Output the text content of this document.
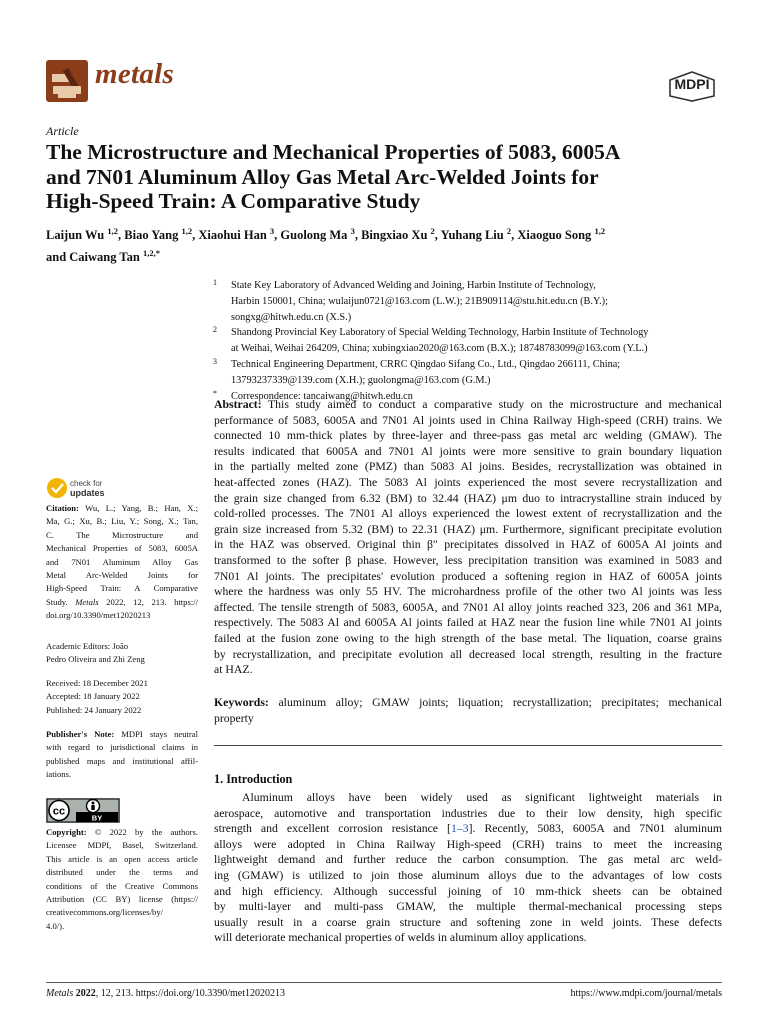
metals	MDPI
Article
The Microstructure and Mechanical Properties of 5083, 6005A
and 7N01 Aluminum Alloy Gas Metal Arc-Welded Joints for
High-Speed Train: A Comparative Study
Laijun Wu $^{1,2}$, Biao Yang $^{1,2}$, Xiaohui Han $^3$, Guolong Ma $^3$, Bingxiao Xu $^2$, Yuhang Liu $^2$, Xiaoguo Song $^{1,2}$
and Caiwang Tan $^{1,2,*}$
1 State Key Laboratory of Advanced Welding and Joining, Harbin Institute of Technology,
Harbin 150001, China; wulaijun0721@163.com (L.W.); 21B909114@stu.hit.edu.cn (B.Y.);
songxg@hitwh.edu.cn (X.S.)
2 Shandong Provincial Key Laboratory of Special Welding Technology, Harbin Institute of Technology
at Weihai, Weihai 264209, China; xubingxiao2020@163.com (B.X.); 18748783099@163.com (Y.L.)
3 Technical Engineering Department, CRRC Qingdao Sifang Co., Ltd., Qingdao 266111, China;
13793237339@139.com (X.H.); guolongma@163.com (G.M.)
* Correspondence: tancaiwang@hitwh.edu.cn
check for
updates
Citation: Wu, L.; Yang, B.; Han, X.;
Ma, G.; Xu, B.; Liu, Y.; Song, X.; Tan,
C. The Microstructure and
Mechanical Properties of 5083, 6005A
and 7N01 Aluminum Alloy Gas
Metal Arc-Welded Joints for
High-Speed Train: A Comparative
Study. Metals 2022, 12, 213. https://
doi.org/10.3390/met12020213
Academic Editors: João
Pedro Oliveira and Zhi Zeng
Received: 18 December 2021
Accepted: 18 January 2022
Published: 24 January 2022
Publisher's Note: MDPI stays neutral
with regard to jurisdictional claims in
published maps and institutional affil-
iations.
cc
BY
Copyright: © 2022 by the authors.
Licensee MDPI, Basel, Switzerland.
This article is an open access article
distributed under the terms and
conditions of the Creative Commons
Attribution (CC BY) license (https://
creativecommons.org/licenses/by/
4.0/).
Abstract: This study aimed to conduct a comparative study on the microstructure and mechanical
performance of 5083, 6005A and 7N01 Al joints used in China Railway High-speed (CRH) trains. We
connected 10 mm-thick plates by three-layer and three-pass gas metal arc welding (GMAW). The
results indicated that 6005A and 7N01 Al joints were more sensitive to grain boundary liquation
in the partially melted zone (PMZ) than 5083 Al joins. Besides, recrystallization was obtained in
heat-affected zones (HAZ). The 5083 Al joints experienced the most severe recrystallization and
the grain size changed from 6.32 (BM) to 32.44 (HAZ) μm duo to intracrystalline strain induced by
cold-rolled processes. The 7N01 Al alloys experienced the lowest extent of recrystallization and the
grain size increased from 5.32 (BM) to 22.31 (HAZ) μm. Furthermore, significant precipitate evolution
in the HAZ was observed. Original thin β″ precipitates dissolved in HAZ of 6005A Al joints and
transformed to the softer β phase. However, less precipitation transition was examined in 5083 and
7N01 Al joints. The precipitates' evolution produced a softening region in HAZ of 6005A joints
where the hardness was only 55 HV. The microhardness profile of the other two Al joints was less
affected. The tensile strength of 5083, 6005A, and 7N01 Al alloy joints reached 323, 206 and 361 MPa,
respectively. The 5083 Al and 6005A Al joints failed at HAZ near the fusion line while 7N01 Al joints
failed at the fusion zone owing to the high strength of the base metal. The liquation, coarse grains
by recrystallization, and precipitate evolution all decreased local strength, resulting in the fracture
at HAZ.
Keywords: aluminum alloy; GMAW joints; liquation; recrystallization; precipitates; mechanical
property
1. Introduction
Aluminum alloys have been widely used as significant lightweight materials in
aerospace, automotive and transportation industries due to their low density, high specific
strength and excellent corrosion resistance [1–3]. Recently, 5083, 6005A and 7N01 aluminum
alloys were adopted in China Railway High-speed (CRH) trains to meet the increasing
lightweight demand and further reduce the carbon consumption. The gas metal arc weld-
ing (GMAW) is utilized to join those aluminum alloys due to the advantages of low costs
and high efficiency. Although successful joining of 10 mm-thick sheets can be obtained
by multi-layer and multi-pass GMAW, the multiple thermal-mechanical processing steps
usually result in a coarse grain structure and softening zone in weld joints. These defects
will deteriorate mechanical properties of welds in aluminum alloy applications.
Metals 2022, 12, 213. https://doi.org/10.3390/met12020213	https://www.mdpi.com/journal/metals
